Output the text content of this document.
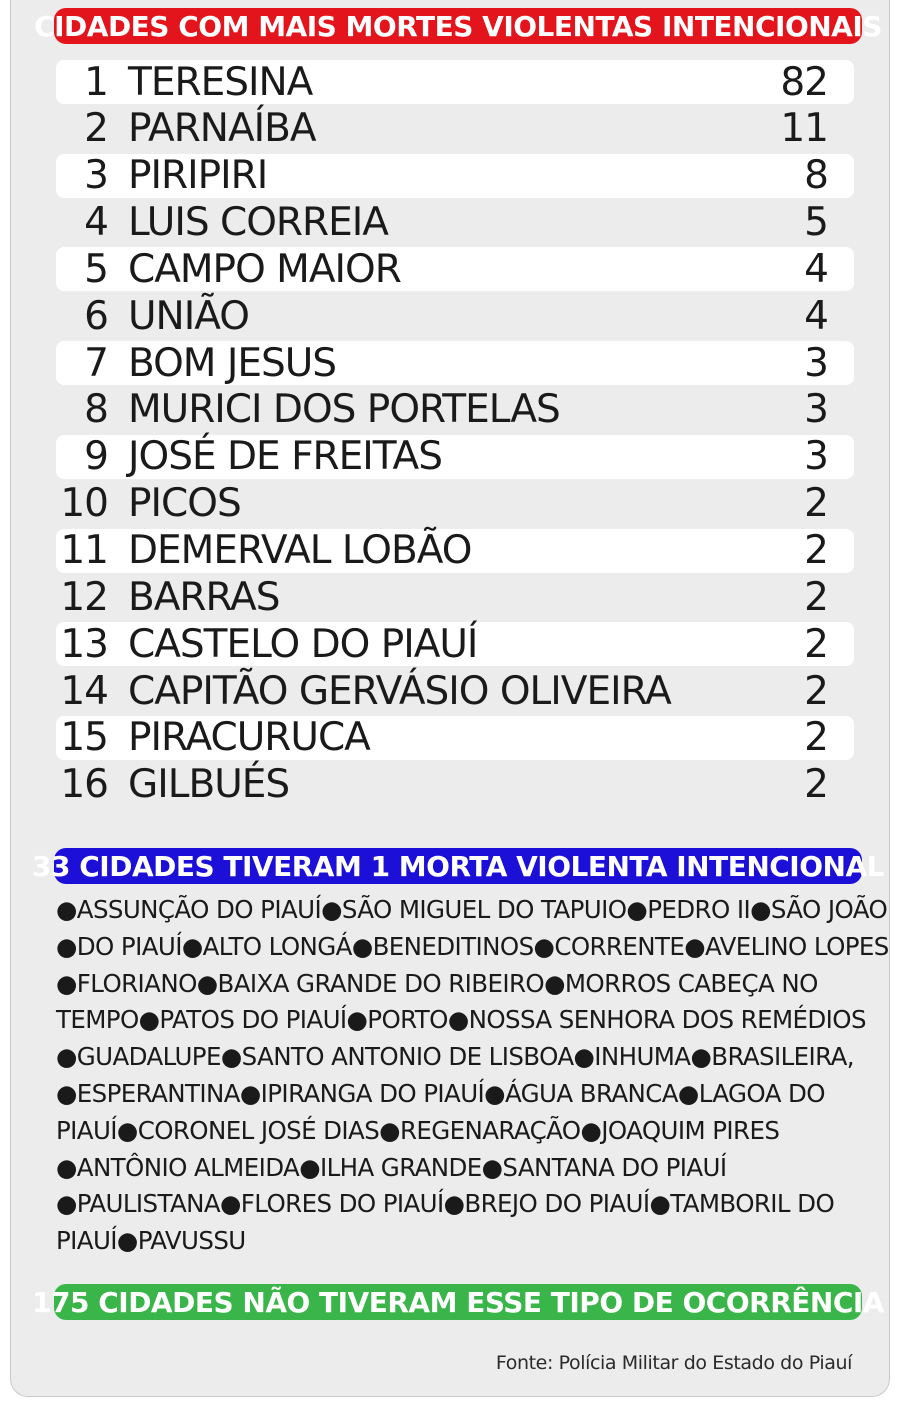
CIDADES COM MAIS MORTES VIOLENTAS INTENCIONAIS
1 TERESINA	82
2 PARNAÍBA	11
3 PIRIPIRI	8
4 LUIS CORREIA	5
5 CAMPO MAIOR	4
6 UNIÃO	4
7 BOM JESUS	3
8 MURICI DOS PORTELAS	3
9 JOSÉ DE FREITAS	3
10 PICOS	2
11 DEMERVAL LOBÃO	2
12 BARRAS	2
13 CASTELO DO PIAUÍ	2
14 CAPITÃO GERVÁSIO OLIVEIRA	2
15 PIRACURUCA	2
16 GILBUÉS	2
33 CIDADES TIVERAM 1 MORTA VIOLENTA INTENCIONAL
●ASSUNÇÃO DO PIAUÍ●SÃO MIGUEL DO TAPUIO●PEDRO II●SÃO JOÃO
●DO PIAUÍ●ALTO LONGÁ●BENEDITINOS●CORRENTE●AVELINO LOPES
●FLORIANO●BAIXA GRANDE DO RIBEIRO●MORROS CABEÇA NO
TEMPO●PATOS DO PIAUÍ●PORTO●NOSSA SENHORA DOS REMÉDIOS
●GUADALUPE●SANTO ANTONIO DE LISBOA●INHUMA●BRASILEIRA,
●ESPERANTINA●IPIRANGA DO PIAUÍ●ÁGUA BRANCA●LAGOA DO
PIAUÍ●CORONEL JOSÉ DIAS●REGENARAÇÃO●JOAQUIM PIRES
●ANTÔNIO ALMEIDA●ILHA GRANDE●SANTANA DO PIAUÍ
●PAULISTANA●FLORES DO PIAUÍ●BREJO DO PIAUÍ●TAMBORIL DO
PIAUÍ●PAVUSSU
175 CIDADES NÃO TIVERAM ESSE TIPO DE OCORRÊNCIA
Fonte: Polícia Militar do Estado do Piauí
